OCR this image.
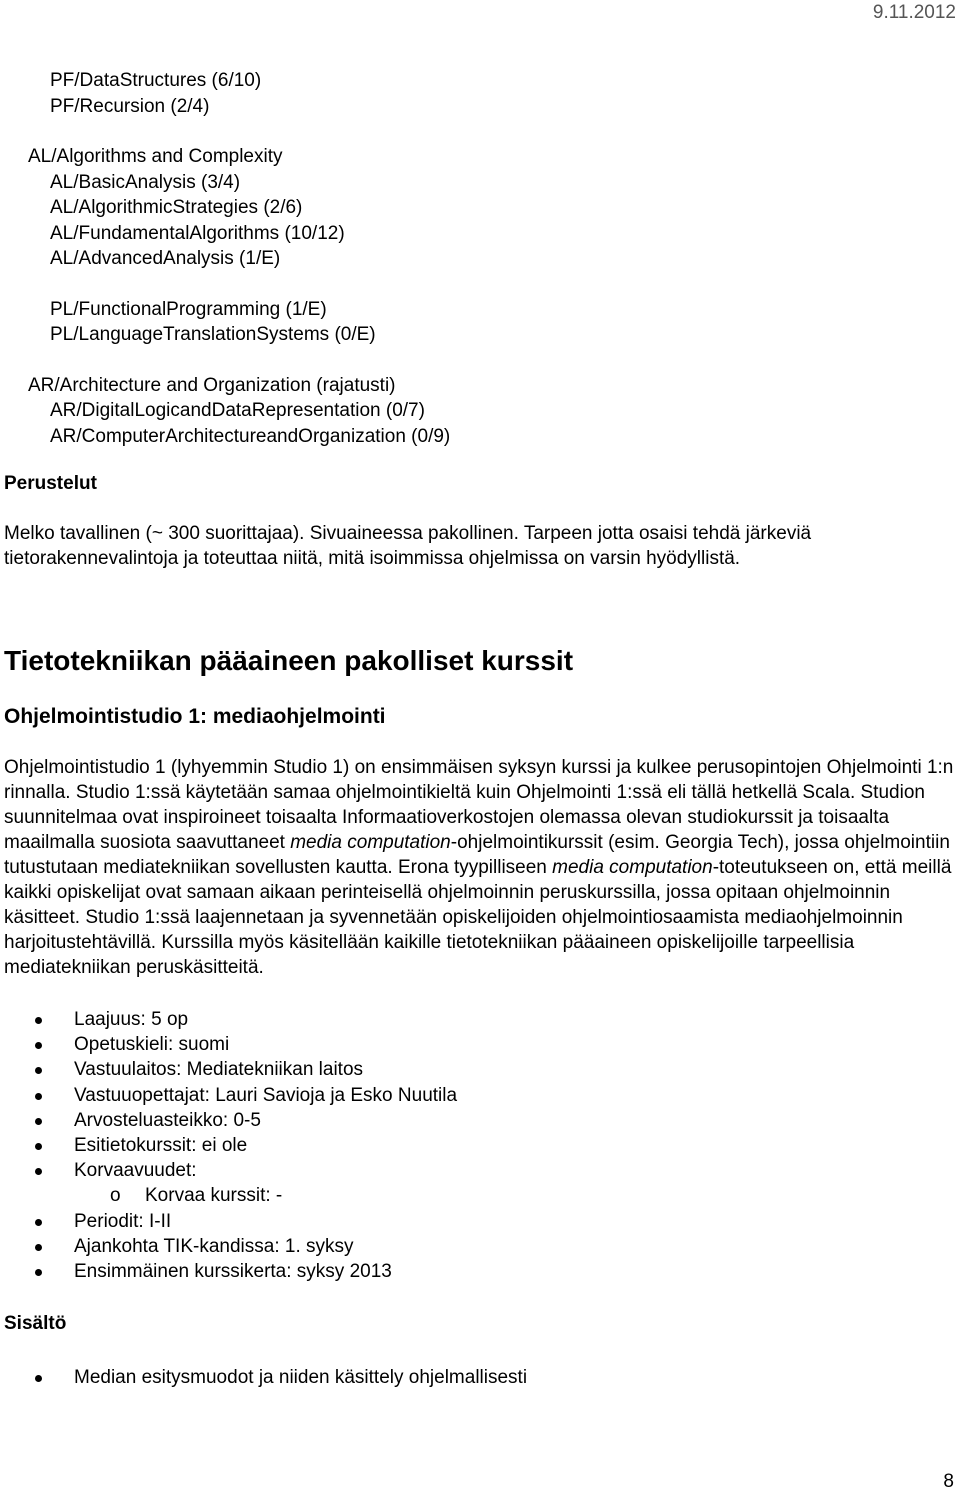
9.11.2012
PF/DataStructures (6/10)
PF/Recursion (2/4)
AL/Algorithms and Complexity
AL/BasicAnalysis (3/4)
AL/AlgorithmicStrategies (2/6)
AL/FundamentalAlgorithms (10/12)
AL/AdvancedAnalysis (1/E)
PL/FunctionalProgramming (1/E)
PL/LanguageTranslationSystems (0/E)
AR/Architecture and Organization (rajatusti)
AR/DigitalLogicandDataRepresentation (0/7)
AR/ComputerArchitectureandOrganization (0/9)
Perustelut

Melko tavallinen (~ 300 suorittajaa). Sivuaineessa pakollinen. Tarpeen jotta osaisi tehdä järkeviä tietorakennevalintoja ja toteuttaa niitä, mitä isoimmissa ohjelmissa on varsin hyödyllistä.

Tietotekniikan pääaineen pakolliset kurssit
Ohjelmointistudio 1: mediaohjelmointi

Ohjelmointistudio 1 (lyhyemmin Studio 1) on ensimmäisen syksyn kurssi ja kulkee perusopintojen Ohjelmointi 1:n rinnalla. Studio 1:ssä käytetään samaa ohjelmointikieltä kuin Ohjelmointi 1:ssä eli tällä hetkellä Scala. Studion suunnitelmaa ovat inspiroineet toisaalta Informaatioverkostojen olemassa olevan studiokurssit ja toisaalta maailmalla suosiota saavuttaneet media computation-ohjelmointikurssit (esim. Georgia Tech), jossa ohjelmointiin tutustutaan mediatekniikan sovellusten kautta. Erona tyypilliseen media computation-toteutukseen on, että meillä kaikki opiskelijat ovat samaan aikaan perinteisellä ohjelmoinnin peruskurssilla, jossa opitaan ohjelmoinnin käsitteet. Studio 1:ssä laajennetaan ja syvennetään opiskelijoiden ohjelmointiosaamista mediaohjelmoinnin harjoitustehtävillä. Kurssilla myös käsitellään kaikille tietotekniikan pääaineen opiskelijoille tarpeellisia mediatekniikan peruskäsitteitä.

Laajuus: 5 op
Opetuskieli: suomi
Vastuulaitos: Mediatekniikan laitos
Vastuuopettajat: Lauri Savioja ja Esko Nuutila
Arvosteluasteikko: 0-5
Esitietokurssit: ei ole
Korvaavuudet:
o Korvaa kurssit: -
Periodit: I-II
Ajankohta TIK-kandissa: 1. syksy
Ensimmäinen kurssikerta: syksy 2013
Sisältö
Median esitysmuodot ja niiden käsittely ohjelmallisesti
8
